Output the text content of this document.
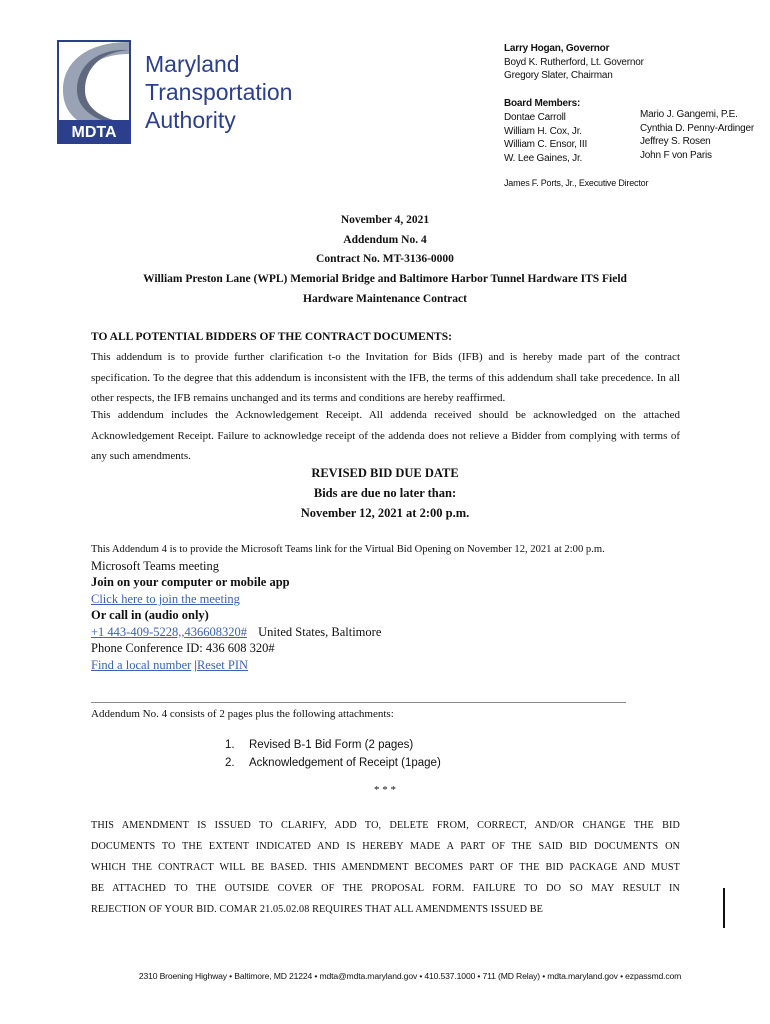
MDTA
Maryland
Transportation
Authority
Larry Hogan, Governor
Boyd K. Rutherford, Lt. Governor
Gregory Slater, Chairman
Board Members:
Dontae Carroll
William H. Cox, Jr.
William C. Ensor, III
W. Lee Gaines, Jr.
Mario J. Gangemi, P.E.
Cynthia D. Penny-Ardinger
Jeffrey S. Rosen
John F von Paris
James F. Ports, Jr., Executive Director
November 4, 2021
Addendum No. 4
Contract No. MT-3136-0000
William Preston Lane (WPL) Memorial Bridge and Baltimore Harbor Tunnel Hardware ITS Field
Hardware Maintenance Contract
TO ALL POTENTIAL BIDDERS OF THE CONTRACT DOCUMENTS:
This addendum is to provide further clarification t-o the Invitation for Bids (IFB) and is hereby made part of the contract specification. To the degree that this addendum is inconsistent with the IFB, the terms of this addendum shall take precedence. In all other respects, the IFB remains unchanged and its terms and conditions are hereby reaffirmed.
This addendum includes the Acknowledgement Receipt. All addenda received should be acknowledged on the attached Acknowledgement Receipt. Failure to acknowledge receipt of the addenda does not relieve a Bidder from complying with terms of any such amendments.
REVISED BID DUE DATE
Bids are due no later than:
November 12, 2021 at 2:00 p.m.
This Addendum 4 is to provide the Microsoft Teams link for the Virtual Bid Opening on November 12, 2021 at 2:00 p.m.
Microsoft Teams meeting
Join on your computer or mobile app
Click here to join the meeting
Or call in (audio only)
+1 443-409-5228,,436608320# United States, Baltimore
Phone Conference ID: 436 608 320#
Find a local number |Reset PIN
Addendum No. 4 consists of 2 pages plus the following attachments:
1. Revised B-1 Bid Form (2 pages)
2. Acknowledgement of Receipt (1page)
* * *
THIS AMENDMENT IS ISSUED TO CLARIFY, ADD TO, DELETE FROM, CORRECT, AND/OR CHANGE THE BID
DOCUMENTS TO THE EXTENT INDICATED AND IS HEREBY MADE A PART OF THE SAID BID DOCUMENTS ON
WHICH THE CONTRACT WILL BE BASED. THIS AMENDMENT BECOMES PART OF THE BID PACKAGE AND MUST
BE ATTACHED TO THE OUTSIDE COVER OF THE PROPOSAL FORM. FAILURE TO DO SO MAY RESULT IN
REJECTION OF YOUR BID. COMAR 21.05.02.08 REQUIRES THAT ALL AMENDMENTS ISSUED BE
2310 Broening Highway • Baltimore, MD 21224 • mdta@mdta.maryland.gov • 410.537.1000 • 711 (MD Relay) • mdta.maryland.gov • ezpassmd.com
